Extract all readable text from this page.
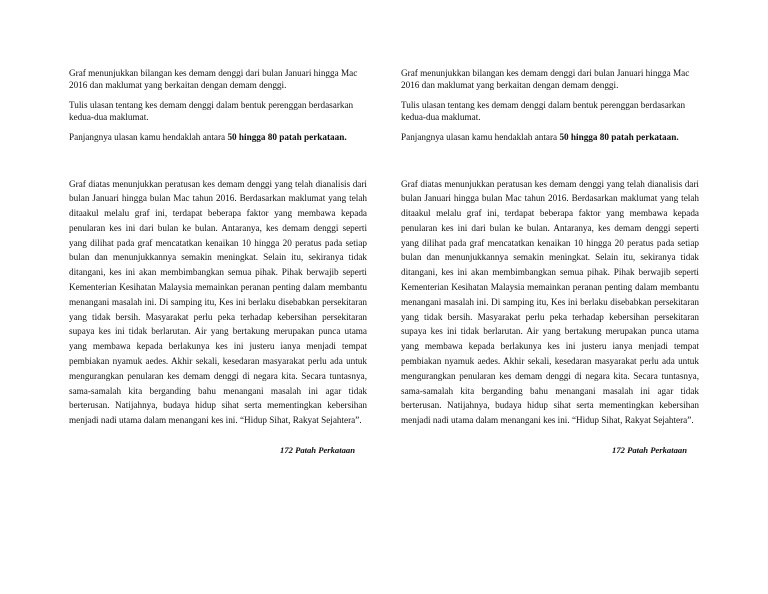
Graf menunjukkan bilangan kes demam denggi dari bulan Januari hingga Mac 2016 dan maklumat yang berkaitan dengan demam denggi.

Tulis ulasan tentang kes demam denggi dalam bentuk perenggan berdasarkan kedua-dua maklumat.

Panjangnya ulasan kamu hendaklah antara 50 hingga 80 patah perkataan.

Graf diatas menunjukkan peratusan kes demam denggi yang telah dianalisis dari bulan Januari hingga bulan Mac tahun 2016. Berdasarkan maklumat yang telah ditaakul melalu graf ini, terdapat beberapa faktor yang membawa kepada penularan kes ini dari bulan ke bulan. Antaranya, kes demam denggi seperti yang dilihat pada graf mencatatkan kenaikan 10 hingga 20 peratus pada setiap bulan dan menunjukkannya semakin meningkat. Selain itu, sekiranya tidak ditangani, kes ini akan membimbangkan semua pihak. Pihak berwajib seperti Kementerian Kesihatan Malaysia memainkan peranan penting dalam membantu menangani masalah ini. Di samping itu, Kes ini berlaku disebabkan persekitaran yang tidak bersih. Masyarakat perlu peka terhadap kebersihan persekitaran supaya kes ini tidak berlarutan. Air yang bertakung merupakan punca utama yang membawa kepada berlakunya kes ini justeru ianya menjadi tempat pembiakan nyamuk aedes. Akhir sekali, kesedaran masyarakat perlu ada untuk mengurangkan penularan kes demam denggi di negara kita. Secara tuntasnya, sama-samalah kita berganding bahu menangani masalah ini agar tidak berterusan. Natijahnya, budaya hidup sihat serta mementingkan kebersihan menjadi nadi utama dalam menangani kes ini. “Hidup Sihat, Rakyat Sejahtera”.
172 Patah Perkataan

Graf menunjukkan bilangan kes demam denggi dari bulan Januari hingga Mac 2016 dan maklumat yang berkaitan dengan demam denggi.

Tulis ulasan tentang kes demam denggi dalam bentuk perenggan berdasarkan kedua-dua maklumat.

Panjangnya ulasan kamu hendaklah antara 50 hingga 80 patah perkataan.

Graf diatas menunjukkan peratusan kes demam denggi yang telah dianalisis dari bulan Januari hingga bulan Mac tahun 2016. Berdasarkan maklumat yang telah ditaakul melalu graf ini, terdapat beberapa faktor yang membawa kepada penularan kes ini dari bulan ke bulan. Antaranya, kes demam denggi seperti yang dilihat pada graf mencatatkan kenaikan 10 hingga 20 peratus pada setiap bulan dan menunjukkannya semakin meningkat. Selain itu, sekiranya tidak ditangani, kes ini akan membimbangkan semua pihak. Pihak berwajib seperti Kementerian Kesihatan Malaysia memainkan peranan penting dalam membantu menangani masalah ini. Di samping itu, Kes ini berlaku disebabkan persekitaran yang tidak bersih. Masyarakat perlu peka terhadap kebersihan persekitaran supaya kes ini tidak berlarutan. Air yang bertakung merupakan punca utama yang membawa kepada berlakunya kes ini justeru ianya menjadi tempat pembiakan nyamuk aedes. Akhir sekali, kesedaran masyarakat perlu ada untuk mengurangkan penularan kes demam denggi di negara kita. Secara tuntasnya, sama-samalah kita berganding bahu menangani masalah ini agar tidak berterusan. Natijahnya, budaya hidup sihat serta mementingkan kebersihan menjadi nadi utama dalam menangani kes ini. “Hidup Sihat, Rakyat Sejahtera”.
172 Patah Perkataan
